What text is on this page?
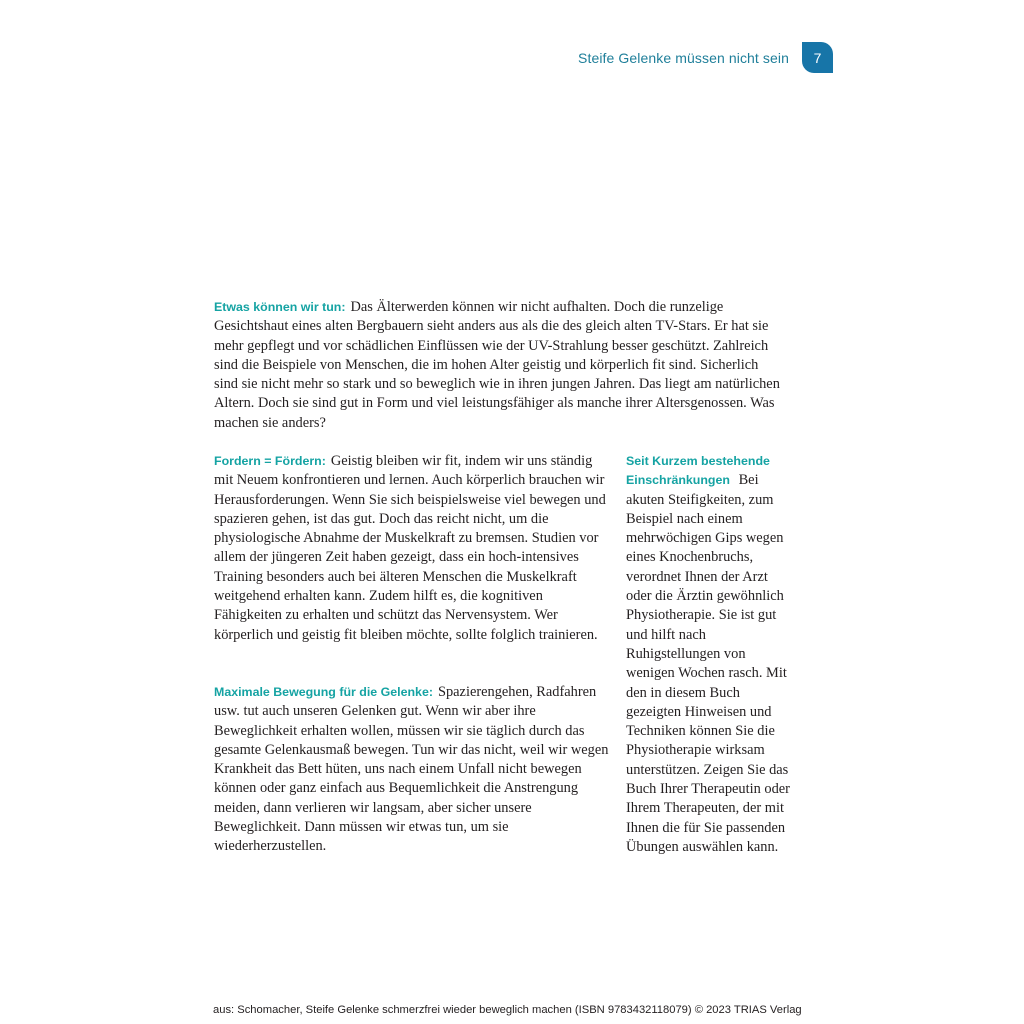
Steife Gelenke müssen nicht sein	7

Etwas können wir tun: Das Älterwerden können wir nicht aufhalten. Doch die runzelige Gesichtshaut eines alten Bergbauern sieht anders aus als die des gleich alten TV-Stars. Er hat sie mehr gepflegt und vor schädlichen Einflüssen wie der UV-Strahlung besser geschützt. Zahlreich sind die Beispiele von Menschen, die im hohen Alter geistig und körperlich fit sind. Sicherlich sind sie nicht mehr so stark und so beweglich wie in ihren jungen Jahren. Das liegt am natürlichen Altern. Doch sie sind gut in Form und viel leistungsfähiger als manche ihrer Altersgenossen. Was machen sie anders?

Fordern = Fördern: Geistig bleiben wir fit, indem wir uns ständig mit Neuem konfrontieren und lernen. Auch körperlich brauchen wir Herausforderungen. Wenn Sie sich beispielsweise viel bewegen und spazieren gehen, ist das gut. Doch das reicht nicht, um die physiologische Abnahme der Muskelkraft zu bremsen. Studien vor allem der jüngeren Zeit haben gezeigt, dass ein hoch-intensives Training besonders auch bei älteren Menschen die Muskelkraft weitgehend erhalten kann. Zudem hilft es, die kognitiven Fähigkeiten zu erhalten und schützt das Nervensystem. Wer körperlich und geistig fit bleiben möchte, sollte folglich trainieren.

Maximale Bewegung für die Gelenke: Spazierengehen, Radfahren usw. tut auch unseren Gelenken gut. Wenn wir aber ihre Beweglichkeit erhalten wollen, müssen wir sie täglich durch das gesamte Gelenkausmaß bewegen. Tun wir das nicht, weil wir wegen Krankheit das Bett hüten, uns nach einem Unfall nicht bewegen können oder ganz einfach aus Bequemlichkeit die Anstrengung meiden, dann verlieren wir langsam, aber sicher unsere Beweglichkeit. Dann müssen wir etwas tun, um sie wiederherzustellen.

Seit Kurzem bestehende Einschränkungen Bei akuten Steifigkeiten, zum Beispiel nach einem mehrwöchigen Gips wegen eines Knochenbruchs, verordnet Ihnen der Arzt oder die Ärztin gewöhnlich Physiotherapie. Sie ist gut und hilft nach Ruhigstellungen von wenigen Wochen rasch. Mit den in diesem Buch gezeigten Hinweisen und Techniken können Sie die Physiotherapie wirksam unterstützen. Zeigen Sie das Buch Ihrer Therapeutin oder Ihrem Therapeuten, der mit Ihnen die für Sie passenden Übungen auswählen kann.

aus: Schomacher, Steife Gelenke schmerzfrei wieder beweglich machen (ISBN 9783432118079) © 2023 TRIAS Verlag
